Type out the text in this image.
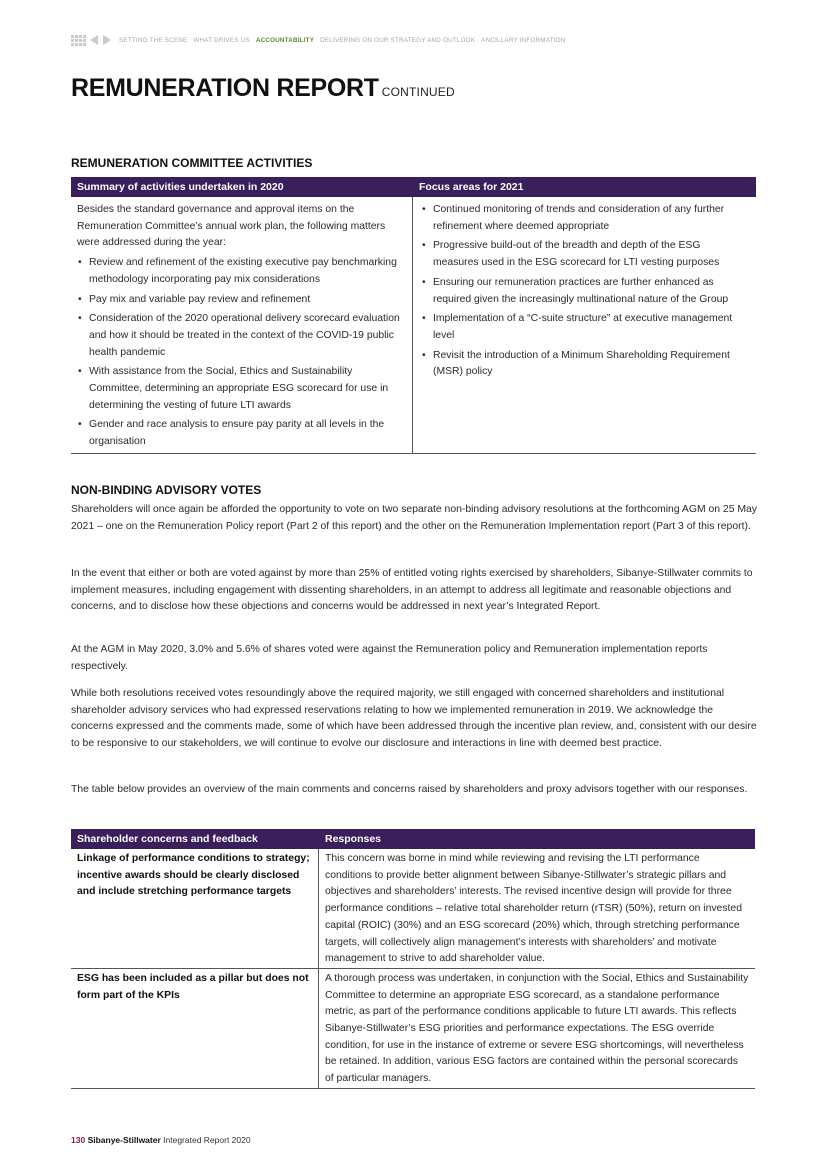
SETTING THE SCENE WHAT DRIVES US ACCOUNTABILITY DELIVERING ON OUR STRATEGY AND OUTLOOK ANCILLARY INFORMATION
REMUNERATION REPORT CONTINUED
REMUNERATION COMMITTEE ACTIVITIES
Summary of activities undertaken in 2020	Focus areas for 2021

Besides the standard governance and approval items on the Remuneration Committee’s annual work plan, the following matters were addressed during the year:

• Review and refinement of the existing executive pay benchmarking methodology incorporating pay mix considerations
• Pay mix and variable pay review and refinement
• Consideration of the 2020 operational delivery scorecard evaluation and how it should be treated in the context of the COVID-19 public health pandemic
• With assistance from the Social, Ethics and Sustainability Committee, determining an appropriate ESG scorecard for use in determining the vesting of future LTI awards
• Gender and race analysis to ensure pay parity at all levels in the organisation
• Continued monitoring of trends and consideration of any further refinement where deemed appropriate
• Progressive build-out of the breadth and depth of the ESG measures used in the ESG scorecard for LTI vesting purposes
• Ensuring our remuneration practices are further enhanced as required given the increasingly multinational nature of the Group
• Implementation of a “C-suite structure” at executive management level
• Revisit the introduction of a Minimum Shareholding Requirement (MSR) policy
NON-BINDING ADVISORY VOTES

Shareholders will once again be afforded the opportunity to vote on two separate non-binding advisory resolutions at the forthcoming AGM on 25 May 2021 – one on the Remuneration Policy report (Part 2 of this report) and the other on the Remuneration Implementation report (Part 3 of this report).

In the event that either or both are voted against by more than 25% of entitled voting rights exercised by shareholders, Sibanye-Stillwater commits to implement measures, including engagement with dissenting shareholders, in an attempt to address all legitimate and reasonable objections and concerns, and to disclose how these objections and concerns would be addressed in next year’s Integrated Report.

At the AGM in May 2020, 3.0% and 5.6% of shares voted were against the Remuneration policy and Remuneration implementation reports respectively.

While both resolutions received votes resoundingly above the required majority, we still engaged with concerned shareholders and institutional shareholder advisory services who had expressed reservations relating to how we implemented remuneration in 2019. We acknowledge the concerns expressed and the comments made, some of which have been addressed through the incentive plan review, and, consistent with our desire to be responsive to our stakeholders, we will continue to evolve our disclosure and interactions in line with deemed best practice.

The table below provides an overview of the main comments and concerns raised by shareholders and proxy advisors together with our responses.

Shareholder concerns and feedback	Responses
Linkage of performance conditions to strategy; incentive awards should be clearly disclosed and include stretching performance targets
This concern was borne in mind while reviewing and revising the LTI performance conditions to provide better alignment between Sibanye-Stillwater’s strategic pillars and objectives and shareholders’ interests. The revised incentive design will provide for three performance conditions – relative total shareholder return (rTSR) (50%), return on invested capital (ROIC) (30%) and an ESG scorecard (20%) which, through stretching performance targets, will collectively align management’s interests with shareholders’ and motivate management to strive to add shareholder value.
ESG has been included as a pillar but does not form part of the KPIs
A thorough process was undertaken, in conjunction with the Social, Ethics and Sustainability Committee to determine an appropriate ESG scorecard, as a standalone performance metric, as part of the performance conditions applicable to future LTI awards. This reflects Sibanye-Stillwater’s ESG priorities and performance expectations. The ESG override condition, for use in the instance of extreme or severe ESG shortcomings, will nevertheless be retained. In addition, various ESG factors are contained within the personal scorecards of particular managers.
130 Sibanye-Stillwater Integrated Report 2020
